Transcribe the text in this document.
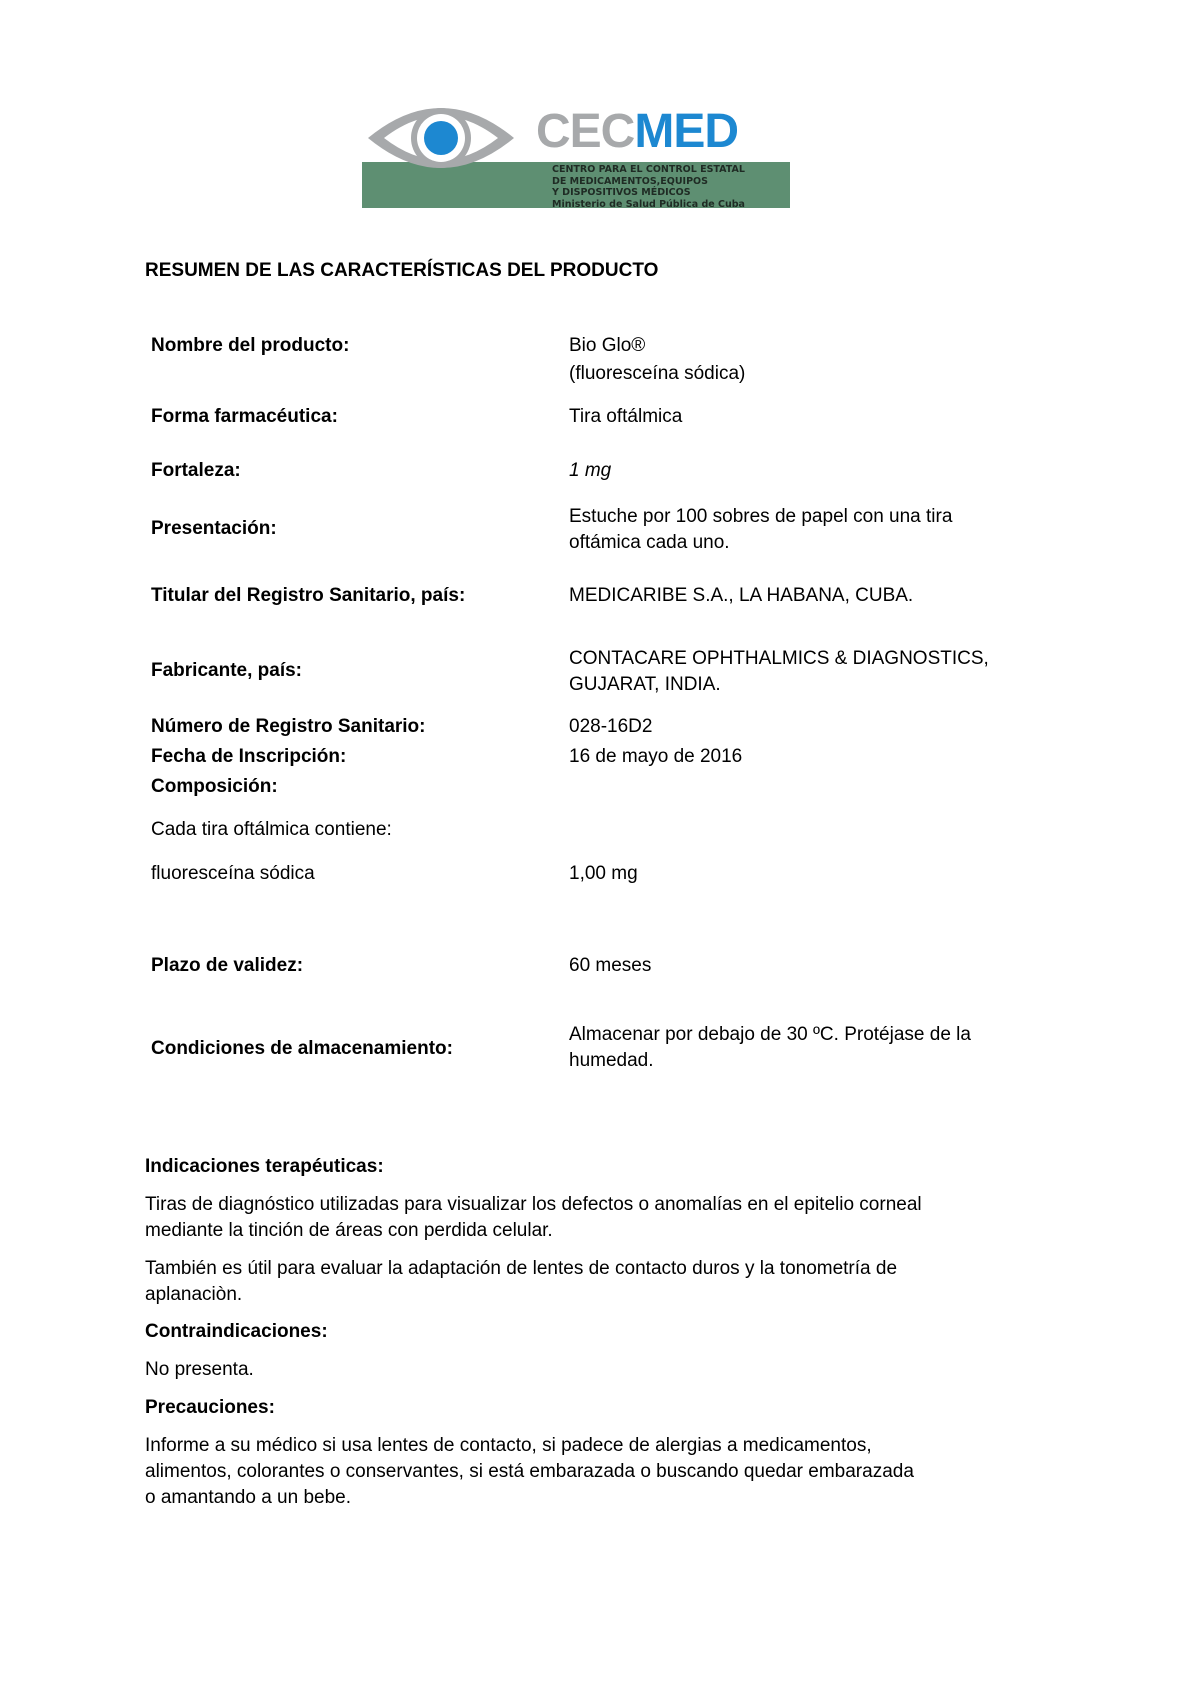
CENTRO PARA EL CONTROL ESTATAL
DE MEDICAMENTOS,EQUIPOS
Y DISPOSITIVOS MÉDICOS
Ministerio de Salud Pública de Cuba
CECMED
RESUMEN DE LAS CARACTERÍSTICAS DEL PRODUCTO
Nombre del producto:	Bio Glo®
(fluoresceína sódica)
Forma farmacéutica:	Tira oftálmica
Fortaleza:	1 mg
Presentación:
Estuche por 100 sobres de papel con una tira
oftámica cada uno.
Titular del Registro Sanitario, país:	MEDICARIBE S.A., LA HABANA, CUBA.
Fabricante, país:
CONTACARE OPHTHALMICS & DIAGNOSTICS,
GUJARAT, INDIA.
Número de Registro Sanitario:	028-16D2
Fecha de Inscripción:	16 de mayo de 2016
Composición:
Cada tira oftálmica contiene:
fluoresceína sódica	1,00 mg
Plazo de validez:	60 meses
Condiciones de almacenamiento:
Almacenar por debajo de 30 ºC. Protéjase de la
humedad.
Indicaciones terapéuticas:
Tiras de diagnóstico utilizadas para visualizar los defectos o anomalías en el epitelio corneal
mediante la tinción de áreas con perdida celular.
También es útil para evaluar la adaptación de lentes de contacto duros y la tonometría de
aplanaciòn.
Contraindicaciones:
No presenta.
Precauciones:
Informe a su médico si usa lentes de contacto, si padece de alergias a medicamentos,
alimentos, colorantes o conservantes, si está embarazada o buscando quedar embarazada
o amantando a un bebe.
